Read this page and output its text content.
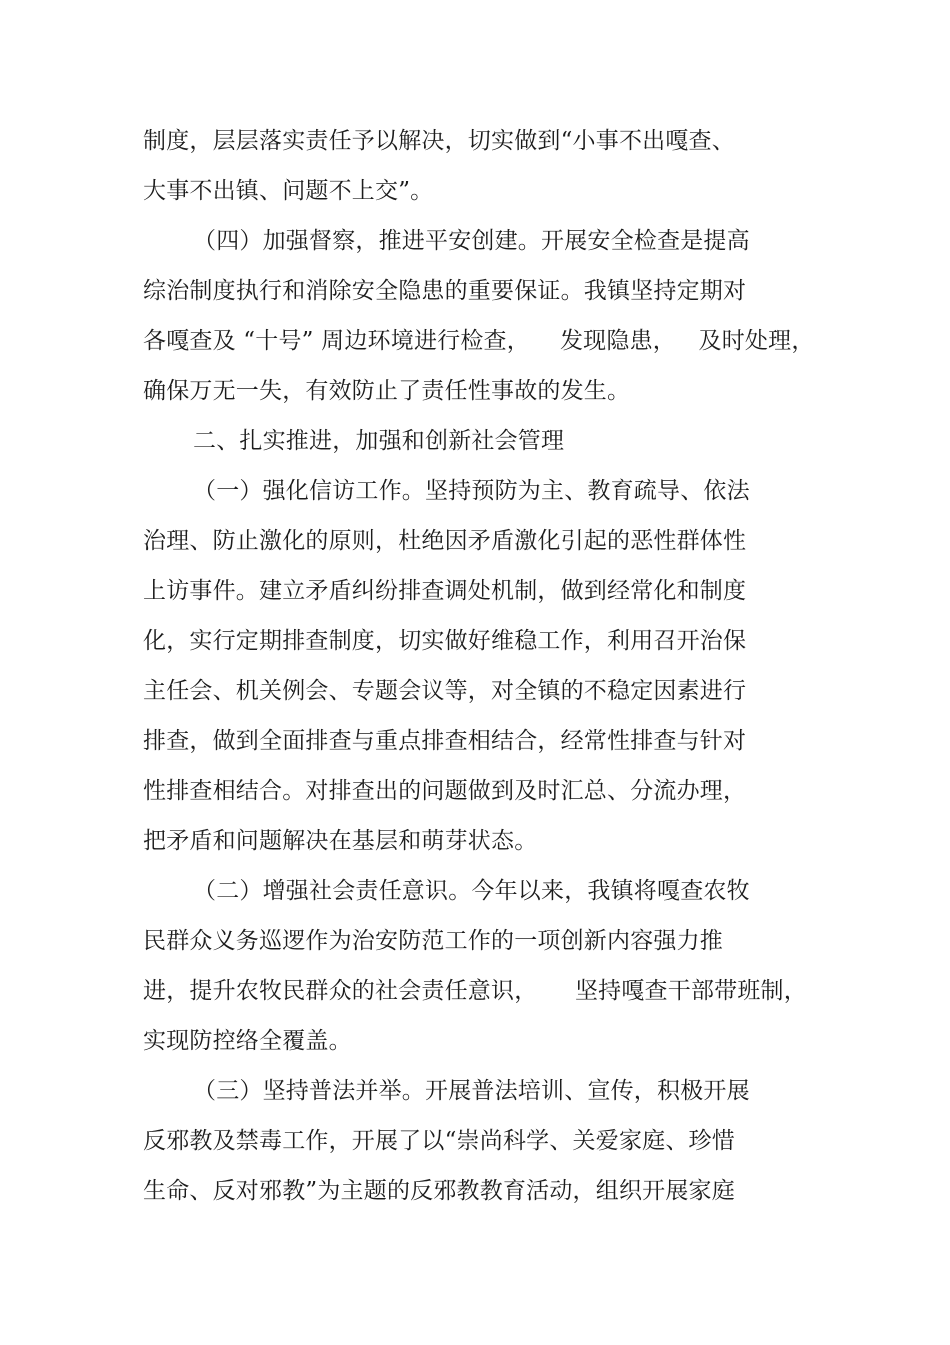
制度，层层落实责任予以解决，切实做到“小事不出嘎查、
大事不出镇、问题不上交”。
（四）加强督察，推进平安创建。开展安全检查是提高
综治制度执行和消除安全隐患的重要保证。我镇坚持定期对
各嘎查及 “十号” 周边环境进行检查，    发现隐患，   及时处理，
确保万无一失，有效防止了责任性事故的发生。
二、扎实推进，加强和创新社会管理
（一）强化信访工作。坚持预防为主、教育疏导、依法
治理、防止激化的原则，杜绝因矛盾激化引起的恶性群体性
上访事件。建立矛盾纠纷排查调处机制，做到经常化和制度
化，实行定期排查制度，切实做好维稳工作，利用召开治保
主任会、机关例会、专题会议等，对全镇的不稳定因素进行
排查，做到全面排查与重点排查相结合，经常性排查与针对
性排查相结合。对排查出的问题做到及时汇总、分流办理，
把矛盾和问题解决在基层和萌芽状态。
（二）增强社会责任意识。今年以来，我镇将嘎查农牧
民群众义务巡逻作为治安防范工作的一项创新内容强力推
进，提升农牧民群众的社会责任意识，     坚持嘎查干部带班制，
实现防控络全覆盖。
（三）坚持普法并举。开展普法培训、宣传，积极开展
反邪教及禁毒工作，开展了以“崇尚科学、关爱家庭、珍惜
生命、反对邪教”为主题的反邪教教育活动，组织开展家庭
